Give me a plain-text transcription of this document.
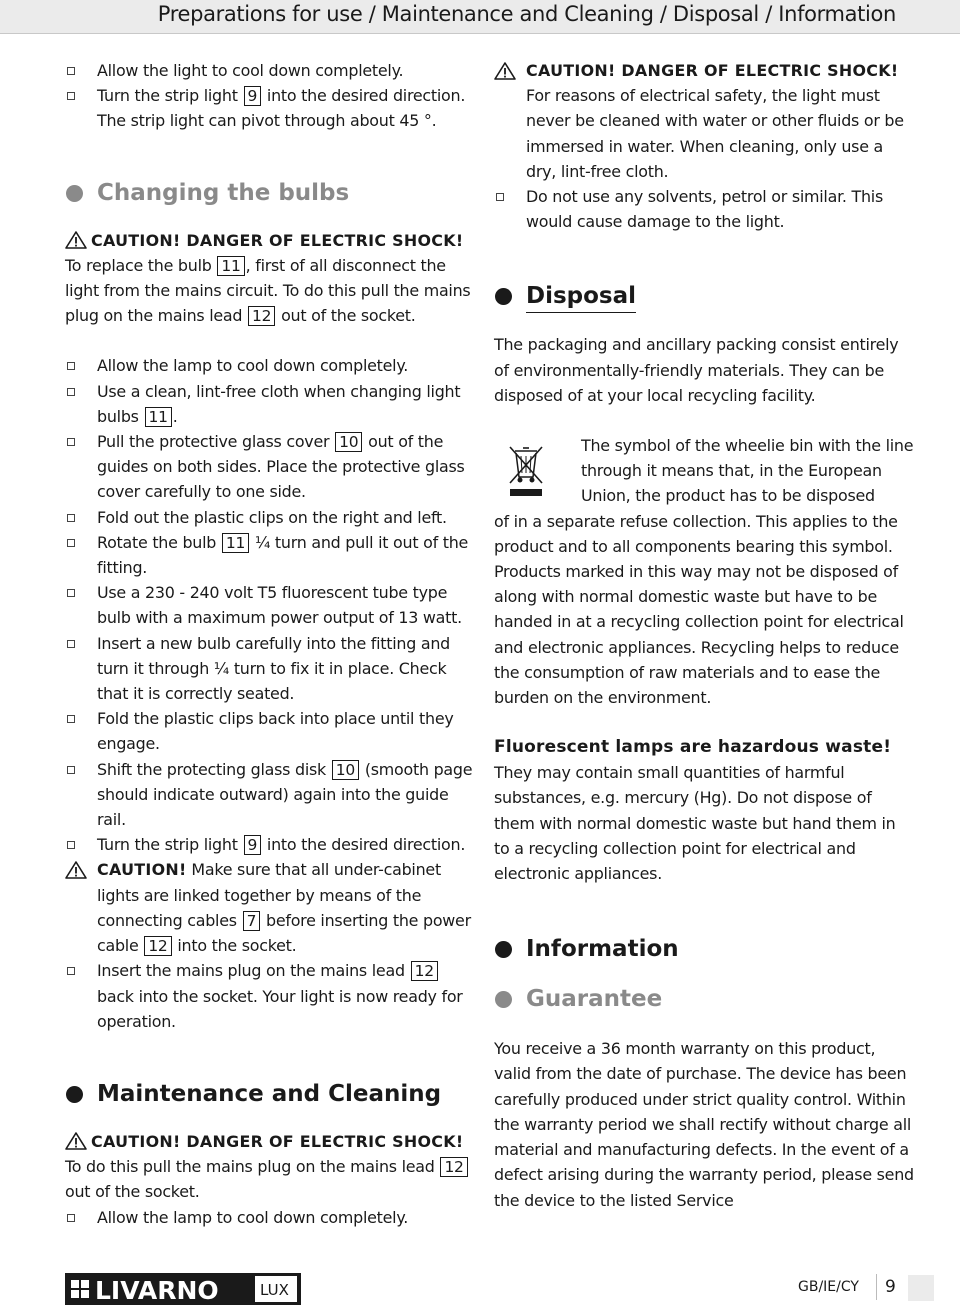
Preparations for use / Maintenance and Cleaning / Disposal / Information
Allow the light to cool down completely.
Turn the strip light 9 into the desired direction. The strip light can pivot through about 45 °.
Changing the bulbs
CAUTION! DANGER OF ELECTRIC SHOCK! To replace the bulb 11 , first of all disconnect the light from the mains circuit. To do this pull the mains plug on the mains lead 12 out of the socket.
Allow the lamp to cool down completely.
Use a clean, lint-free cloth when changing light bulbs 11 .
Pull the protective glass cover 10 out of the guides on both sides. Place the protective glass cover carefully to one side.
Fold out the plastic clips on the right and left.
Rotate the bulb 11 ¼ turn and pull it out of the fitting.
Use a 230 - 240 volt T5 fluorescent tube type bulb with a maximum power output of 13 watt.
Insert a new bulb carefully into the fitting and turn it through ¼ turn to fix it in place. Check that it is correctly seated.
Fold the plastic clips back into place until they engage.
Shift the protecting glass disk 10 (smooth page should indicate outward) again into the guide rail.
Turn the strip light 9 into the desired direction.
CAUTION! Make sure that all under-cabinet lights are linked together by means of the connecting cables 7 before inserting the power cable 12 into the socket.
Insert the mains plug on the mains lead 12 back into the socket. Your light is now ready for operation.
Maintenance and Cleaning
CAUTION! DANGER OF ELECTRIC SHOCK! To do this pull the mains plug on the mains lead 12 out of the socket.
Allow the lamp to cool down completely.
CAUTION! DANGER OF ELECTRIC SHOCK! For reasons of electrical safety, the light must never be cleaned with water or other fluids or be immersed in water. When cleaning, only use a dry, lint-free cloth.
Do not use any solvents, petrol or similar. This would cause damage to the light.
Disposal
The packaging and ancillary packing consist entirely of environmentally-friendly materials. They can be disposed of at your local recycling facility.
The symbol of the wheelie bin with the line through it means that, in the European Union, the product has to be disposed
of in a separate refuse collection. This applies to the product and to all components bearing this symbol. Products marked in this way may not be disposed of along with normal domestic waste but have to be handed in at a recycling collection point for electrical and electronic appliances. Recycling helps to reduce the consumption of raw materials and to ease the burden on the environment.
Fluorescent lamps are hazardous waste!
They may contain small quantities of harmful substances, e.g. mercury (Hg). Do not dispose of them with normal domestic waste but hand them in to a recycling collection point for electrical and electronic appliances.
Information
Guarantee
You receive a 36 month warranty on this product, valid from the date of purchase. The device has been carefully produced under strict quality control. Within the warranty period we shall rectify without charge all material and manufacturing defects. In the event of a defect arising during the warranty period, please send the device to the listed Service
LIVARNO	LUX	GB/IE/CY 9
